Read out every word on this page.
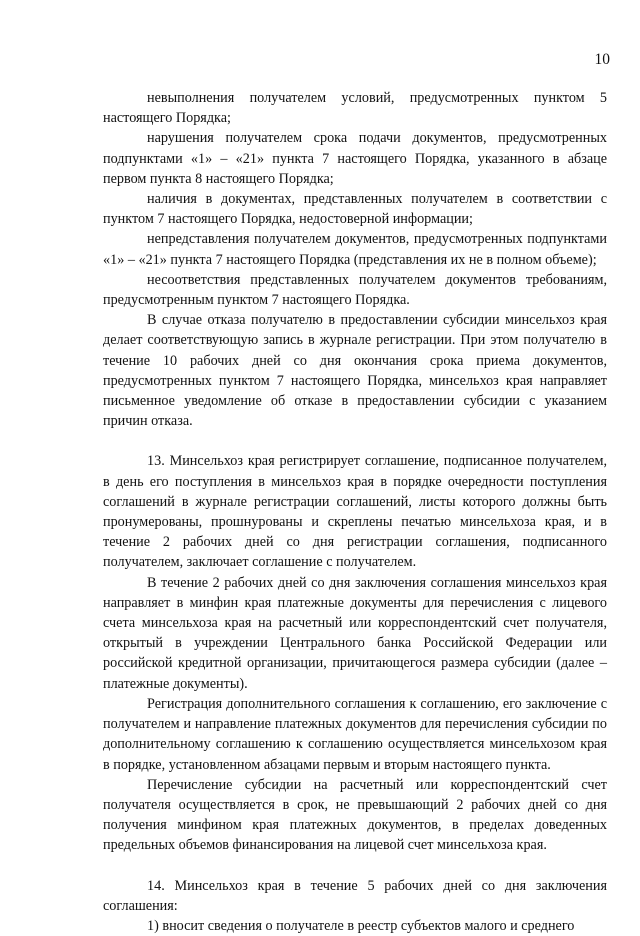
10

невыполнения получателем условий, предусмотренных пунктом 5 настоящего Порядка;

нарушения получателем срока подачи документов, предусмотренных подпунктами «1» – «21» пункта 7 настоящего Порядка, указанного в абзаце первом пункта 8 настоящего Порядка;

наличия в документах, представленных получателем в соответствии с пунктом 7 настоящего Порядка, недостоверной информации;

непредставления получателем документов, предусмотренных подпунктами «1» – «21» пункта 7 настоящего Порядка (представления их не в полном объеме);

несоответствия представленных получателем документов требованиям, предусмотренным пунктом 7 настоящего Порядка.

В случае отказа получателю в предоставлении субсидии минсельхоз края делает соответствующую запись в журнале регистрации. При этом получателю в течение 10 рабочих дней со дня окончания срока приема документов, предусмотренных пунктом 7 настоящего Порядка, минсельхоз края направляет письменное уведомление об отказе в предоставлении субсидии с указанием причин отказа.

13. Минсельхоз края регистрирует соглашение, подписанное получателем, в день его поступления в минсельхоз края в порядке очередности поступления соглашений в журнале регистрации соглашений, листы которого должны быть пронумерованы, прошнурованы и скреплены печатью минсельхоза края, и в течение 2 рабочих дней со дня регистрации соглашения, подписанного получателем, заключает соглашение с получателем.

В течение 2 рабочих дней со дня заключения соглашения минсельхоз края направляет в минфин края платежные документы для перечисления с лицевого счета минсельхоза края на расчетный или корреспондентский счет получателя, открытый в учреждении Центрального банка Российской Федерации или российской кредитной организации, причитающегося размера субсидии (далее – платежные документы).

Регистрация дополнительного соглашения к соглашению, его заключение с получателем и направление платежных документов для перечисления субсидии по дополнительному соглашению к соглашению осуществляется минсельхозом края в порядке, установленном абзацами первым и вторым настоящего пункта.

Перечисление субсидии на расчетный или корреспондентский счет получателя осуществляется в срок, не превышающий 2 рабочих дней со дня получения минфином края платежных документов, в пределах доведенных предельных объемов финансирования на лицевой счет минсельхоза края.

14. Минсельхоз края в течение 5 рабочих дней со дня заключения соглашения:

1) вносит сведения о получателе в реестр субъектов малого и среднего
